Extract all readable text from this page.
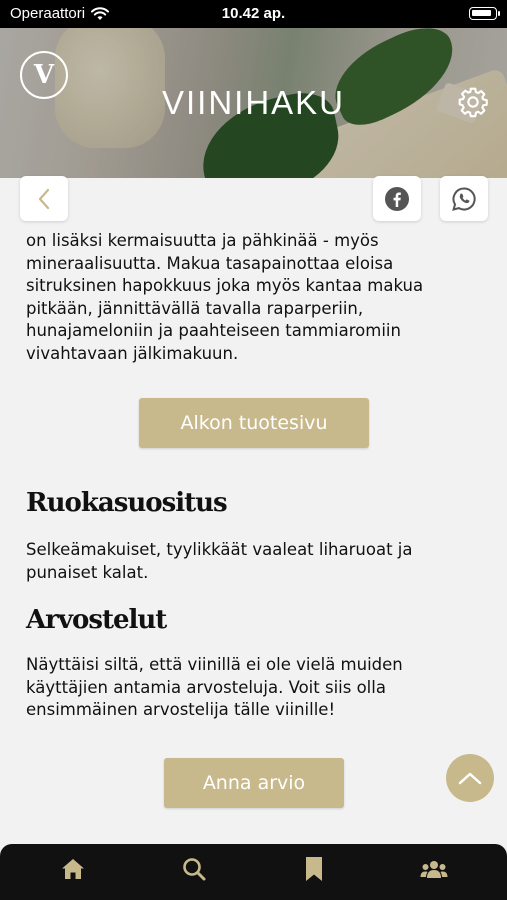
Operaattori	10.42 ap.
V
VIINIHAKU

on lisäksi kermaisuutta ja pähkinää - myös mineraalisuutta. Makua tasapainottaa eloisa sitruksinen hapokkuus joka myös kantaa makua pitkään, jännittävällä tavalla raparperiin, hunajameloniin ja paahteiseen tammiaromiin vivahtavaan jälkimakuun.

Alkon tuotesivu
Ruokasuositus

Selkeämakuiset, tyylikkäät vaaleat liharuoat ja punaiset kalat.

Arvostelut

Näyttäisi siltä, että viinillä ei ole vielä muiden käyttäjien antamia arvosteluja. Voit siis olla ensimmäinen arvostelija tälle viinille!

Anna arvio
